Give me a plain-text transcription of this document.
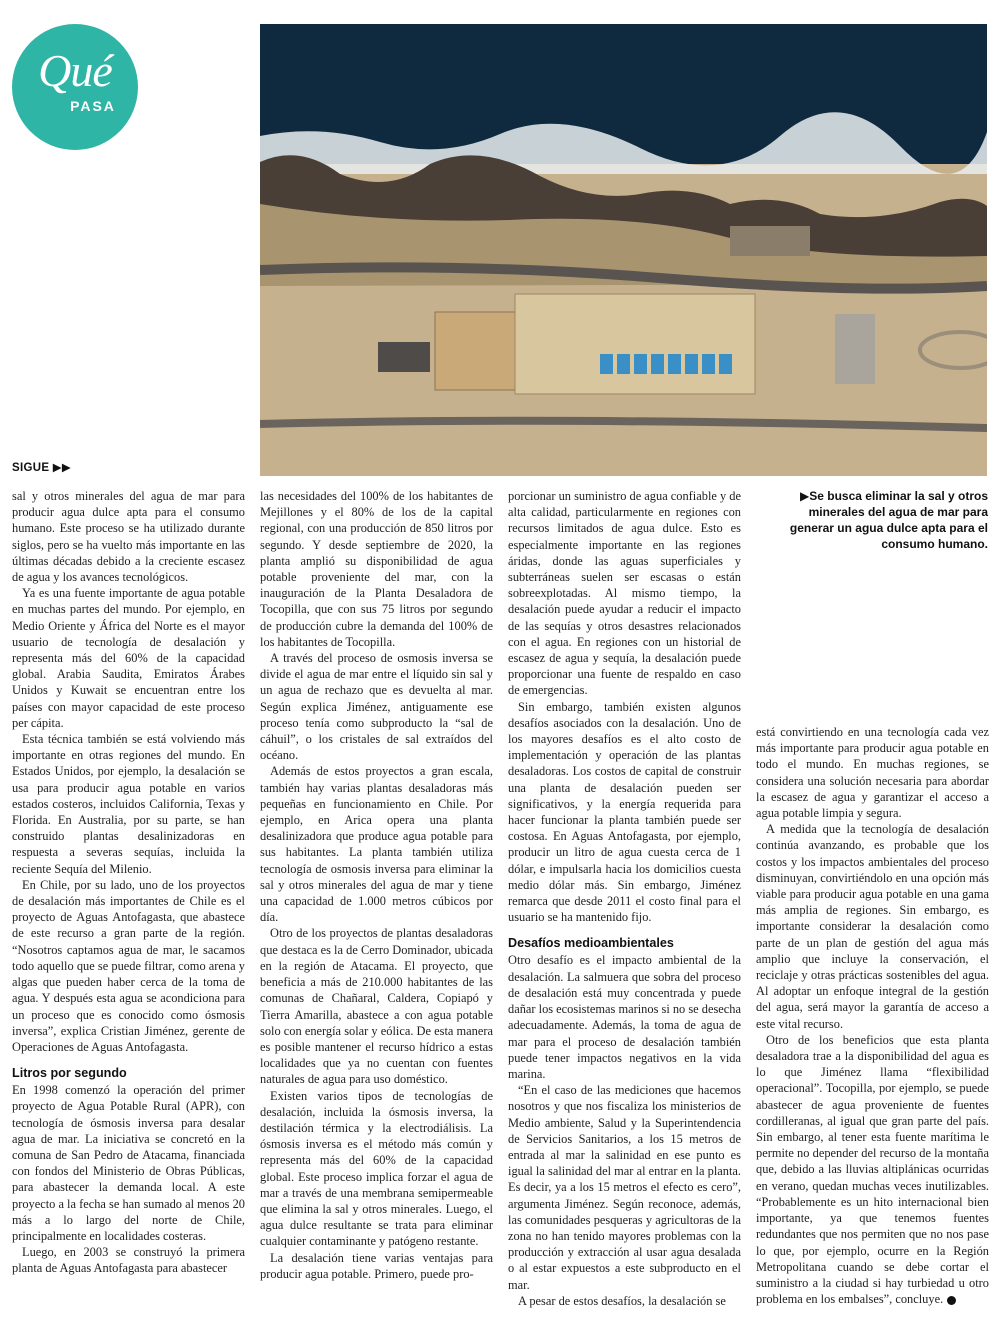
Qué
PASA
SIGUE ▶▶
▶Se busca eliminar la sal y otros minerales del agua de mar para generar un agua dulce apta para el consumo humano.

sal y otros minerales del agua de mar para producir agua dulce apta para el consumo humano. Este proceso se ha utilizado durante siglos, pero se ha vuelto más importante en las últimas décadas debido a la creciente escasez de agua y los avances tecnológicos.

Ya es una fuente importante de agua potable en muchas partes del mundo. Por ejemplo, en Medio Oriente y África del Norte es el mayor usuario de tecnología de desalación y representa más del 60% de la capacidad global. Arabia Saudita, Emiratos Árabes Unidos y Kuwait se encuentran entre los países con mayor capacidad de este proceso per cápita.

Esta técnica también se está volviendo más importante en otras regiones del mundo. En Estados Unidos, por ejemplo, la desalación se usa para producir agua potable en varios estados costeros, incluidos California, Texas y Florida. En Australia, por su parte, se han construido plantas desalinizadoras en respuesta a severas sequías, incluida la reciente Sequía del Milenio.

En Chile, por su lado, uno de los proyectos de desalación más importantes de Chile es el proyecto de Aguas Antofagasta, que abastece de este recurso a gran parte de la región. “Nosotros captamos agua de mar, le sacamos todo aquello que se puede filtrar, como arena y algas que pueden haber cerca de la toma de agua. Y después esta agua se acondiciona para un proceso que es conocido como ósmosis inversa”, explica Cristian Jiménez, gerente de Operaciones de Aguas Antofagasta.

Litros por segundo

En 1998 comenzó la operación del primer proyecto de Agua Potable Rural (APR), con tecnología de ósmosis inversa para desalar agua de mar. La iniciativa se concretó en la comuna de San Pedro de Atacama, financiada con fondos del Ministerio de Obras Públicas, para abastecer la demanda local. A este proyecto a la fecha se han sumado al menos 20 más a lo largo del norte de Chile, principalmente en localidades costeras.

Luego, en 2003 se construyó la primera planta de Aguas Antofagasta para abastecer

las necesidades del 100% de los habitantes de Mejillones y el 80% de los de la capital regional, con una producción de 850 litros por segundo. Y desde septiembre de 2020, la planta amplió su disponibilidad de agua potable proveniente del mar, con la inauguración de la Planta Desaladora de Tocopilla, que con sus 75 litros por segundo de producción cubre la demanda del 100% de los habitantes de Tocopilla.

A través del proceso de osmosis inversa se divide el agua de mar entre el líquido sin sal y un agua de rechazo que es devuelta al mar. Según explica Jiménez, antiguamente ese proceso tenía como subproducto la “sal de cáhuil”, o los cristales de sal extraídos del océano.

Además de estos proyectos a gran escala, también hay varias plantas desaladoras más pequeñas en funcionamiento en Chile. Por ejemplo, en Arica opera una planta desalinizadora que produce agua potable para sus habitantes. La planta también utiliza tecnología de osmosis inversa para eliminar la sal y otros minerales del agua de mar y tiene una capacidad de 1.000 metros cúbicos por día.

Otro de los proyectos de plantas desaladoras que destaca es la de Cerro Dominador, ubicada en la región de Atacama. El proyecto, que beneficia a más de 210.000 habitantes de las comunas de Chañaral, Caldera, Copiapó y Tierra Amarilla, abastece a con agua potable solo con energía solar y eólica. De esta manera es posible mantener el recurso hídrico a estas localidades que ya no cuentan con fuentes naturales de agua para uso doméstico.

Existen varios tipos de tecnologías de desalación, incluida la ósmosis inversa, la destilación térmica y la electrodiálisis. La ósmosis inversa es el método más común y representa más del 60% de la capacidad global. Este proceso implica forzar el agua de mar a través de una membrana semipermeable que elimina la sal y otros minerales. Luego, el agua dulce resultante se trata para eliminar cualquier contaminante y patógeno restante.

La desalación tiene varias ventajas para producir agua potable. Primero, puede pro-

porcionar un suministro de agua confiable y de alta calidad, particularmente en regiones con recursos limitados de agua dulce. Esto es especialmente importante en las regiones áridas, donde las aguas superficiales y subterráneas suelen ser escasas o están sobreexplotadas. Al mismo tiempo, la desalación puede ayudar a reducir el impacto de las sequías y otros desastres relacionados con el agua. En regiones con un historial de escasez de agua y sequía, la desalación puede proporcionar una fuente de respaldo en caso de emergencias.

Sin embargo, también existen algunos desafíos asociados con la desalación. Uno de los mayores desafíos es el alto costo de implementación y operación de las plantas desaladoras. Los costos de capital de construir una planta de desalación pueden ser significativos, y la energía requerida para hacer funcionar la planta también puede ser costosa. En Aguas Antofagasta, por ejemplo, producir un litro de agua cuesta cerca de 1 dólar, e impulsarla hacia los domicilios cuesta medio dólar más. Sin embargo, Jiménez remarca que desde 2011 el costo final para el usuario se ha mantenido fijo.

Desafíos medioambientales

Otro desafío es el impacto ambiental de la desalación. La salmuera que sobra del proceso de desalación está muy concentrada y puede dañar los ecosistemas marinos si no se desecha adecuadamente. Además, la toma de agua de mar para el proceso de desalación también puede tener impactos negativos en la vida marina.

“En el caso de las mediciones que hacemos nosotros y que nos fiscaliza los ministerios de Medio ambiente, Salud y la Superintendencia de Servicios Sanitarios, a los 15 metros de entrada al mar la salinidad en ese punto es igual la salinidad del mar al entrar en la planta. Es decir, ya a los 15 metros el efecto es cero”, argumenta Jiménez. Según reconoce, además, las comunidades pesqueras y agricultoras de la zona no han tenido mayores problemas con la producción y extracción al usar agua desalada o al estar expuestos a este subproducto en el mar.

A pesar de estos desafíos, la desalación se

está convirtiendo en una tecnología cada vez más importante para producir agua potable en todo el mundo. En muchas regiones, se considera una solución necesaria para abordar la escasez de agua y garantizar el acceso a agua potable limpia y segura.

A medida que la tecnología de desalación continúa avanzando, es probable que los costos y los impactos ambientales del proceso disminuyan, convirtiéndolo en una opción más viable para producir agua potable en una gama más amplia de regiones. Sin embargo, es importante considerar la desalación como parte de un plan de gestión del agua más amplio que incluye la conservación, el reciclaje y otras prácticas sostenibles del agua. Al adoptar un enfoque integral de la gestión del agua, será mayor la garantía de acceso a este vital recurso.

Otro de los beneficios que esta planta desaladora trae a la disponibilidad del agua es lo que Jiménez llama “flexibilidad operacional”. Tocopilla, por ejemplo, se puede abastecer de agua proveniente de fuentes cordilleranas, al igual que gran parte del país. Sin embargo, al tener esta fuente marítima le permite no depender del recurso de la montaña que, debido a las lluvias altiplánicas ocurridas en verano, quedan muchas veces inutilizables. “Probablemente es un hito internacional bien importante, ya que tenemos fuentes redundantes que nos permiten que no nos pase lo que, por ejemplo, ocurre en la Región Metropolitana cuando se debe cortar el suministro a la ciudad si hay turbiedad u otro problema en los embalses”, concluye.
